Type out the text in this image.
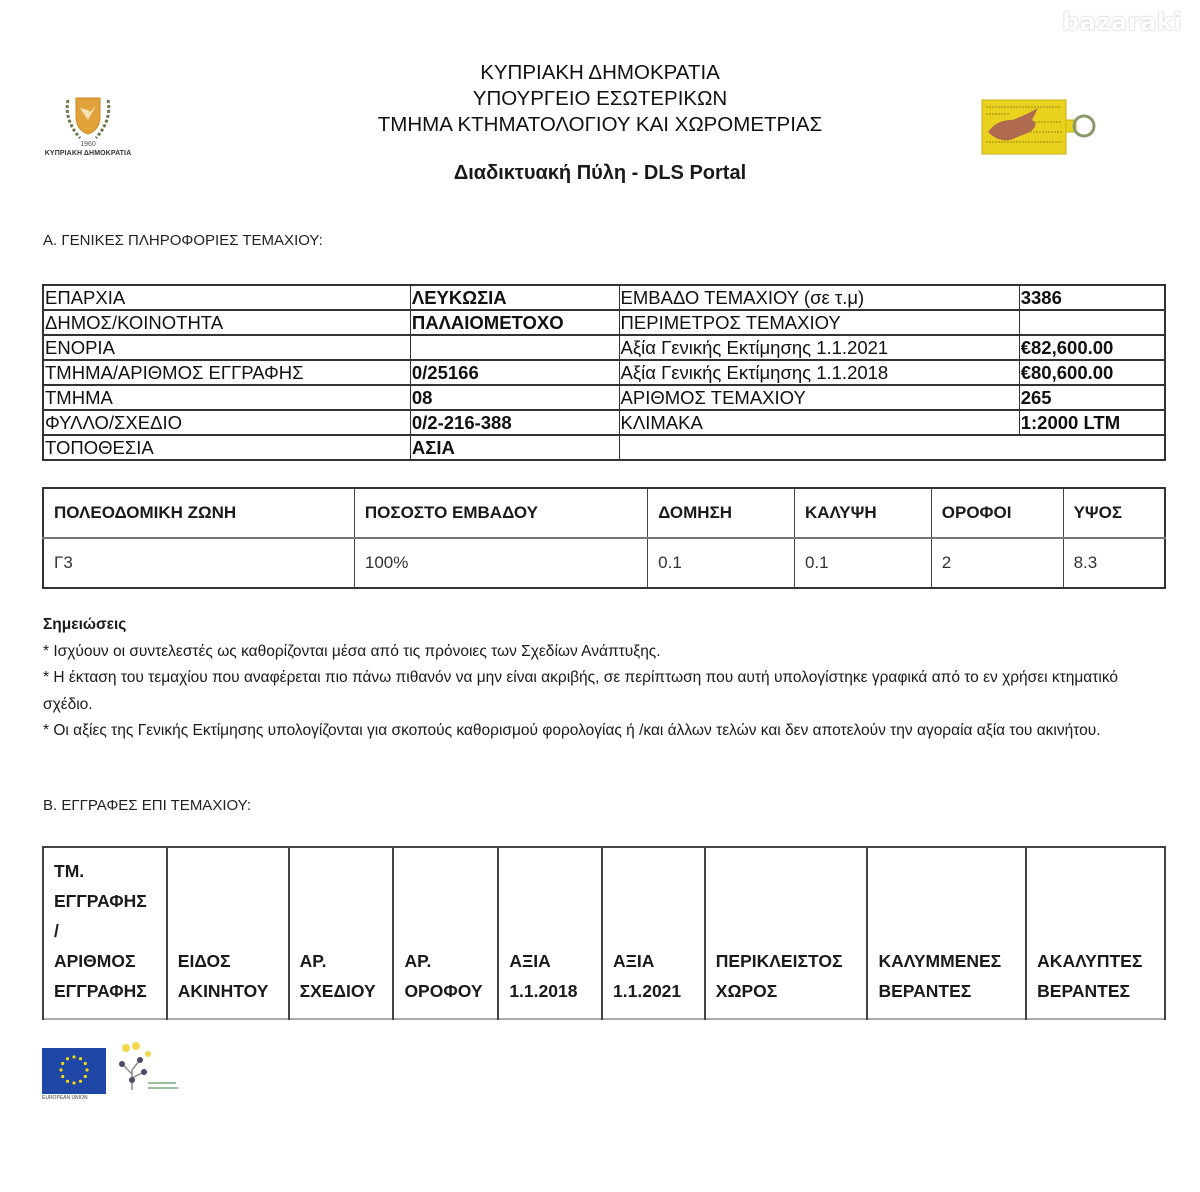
bazaraki
1960
ΚΥΠΡΙΑΚΗ ΔΗΜΟΚΡΑΤΙΑ
ΚΥΠΡΙΑΚΗ ΔΗΜΟΚΡΑΤΙΑ
ΥΠΟΥΡΓΕΙΟ ΕΣΩΤΕΡΙΚΩΝ
ΤΜΗΜΑ ΚΤΗΜΑΤΟΛΟΓΙΟΥ ΚΑΙ ΧΩΡΟΜΕΤΡΙΑΣ
Διαδικτυακή Πύλη - DLS Portal
Α. ΓΕΝΙΚΕΣ ΠΛΗΡΟΦΟΡΙΕΣ ΤΕΜΑΧΙΟΥ:
ΕΠΑΡΧΙΑ	ΛΕΥΚΩΣΙΑ	ΕΜΒΑΔΟ ΤΕΜΑΧΙΟΥ (σε τ.μ)	3386
ΔΗΜΟΣ/ΚΟΙΝΟΤΗΤΑ	ΠΑΛΑΙΟΜΕΤΟΧΟ	ΠΕΡΙΜΕΤΡΟΣ ΤΕΜΑΧΙΟΥ	
ΕΝΟΡΙΑ		Αξία Γενικής Εκτίμησης 1.1.2021	€82,600.00
ΤΜΗΜΑ/ΑΡΙΘΜΟΣ ΕΓΓΡΑΦΗΣ	0/25166	Αξία Γενικής Εκτίμησης 1.1.2018	€80,600.00
ΤΜΗΜΑ	08	ΑΡΙΘΜΟΣ ΤΕΜΑΧΙΟΥ	265
ΦΥΛΛΟ/ΣΧΕΔΙΟ	0/2-216-388	ΚΛΙΜΑΚΑ	1:2000 LTM
ΤΟΠΟΘΕΣΙΑ	ΑΣΙΑ		
ΠΟΛΕΟΔΟΜΙΚΗ ΖΩΝΗ	ΠΟΣΟΣΤΟ ΕΜΒΑΔΟΥ	ΔΟΜΗΣΗ	ΚΑΛΥΨΗ	ΟΡΟΦΟΙ	ΥΨΟΣ
Γ3	100%	0.1	0.1	2	8.3
Σημειώσεις
* Ισχύουν οι συντελεστές ως καθορίζονται μέσα από τις πρόνοιες των Σχεδίων Ανάπτυξης.
* Η έκταση του τεμαχίου που αναφέρεται πιο πάνω πιθανόν να μην είναι ακριβής, σε περίπτωση που αυτή υπολογίστηκε γραφικά από το εν χρήσει κτηματικό σχέδιο.
* Οι αξίες της Γενικής Εκτίμησης υπολογίζονται για σκοπούς καθορισμού φορολογίας ή /και άλλων τελών και δεν αποτελούν την αγοραία αξία του ακινήτου.
Β. ΕΓΓΡΑΦΕΣ ΕΠΙ ΤΕΜΑΧΙΟΥ:
ΤΜ.
ΕΓΓΡΑΦΗΣ
/
ΑΡΙΘΜΟΣ
ΕΓΓΡΑΦΗΣ

ΕΙΔΟΣ
ΑΚΙΝΗΤΟΥ

ΑΡ.
ΣΧΕΔΙΟΥ

ΑΡ.
ΟΡΟΦΟΥ

ΑΞΙΑ
1.1.2018

ΑΞΙΑ
1.1.2021

ΠΕΡΙΚΛΕΙΣΤΟΣ
ΧΩΡΟΣ

ΚΑΛΥΜΜΕΝΕΣ
ΒΕΡΑΝΤΕΣ

ΑΚΑΛΥΠΤΕΣ
ΒΕΡΑΝΤΕΣ
EUROPEAN UNION
